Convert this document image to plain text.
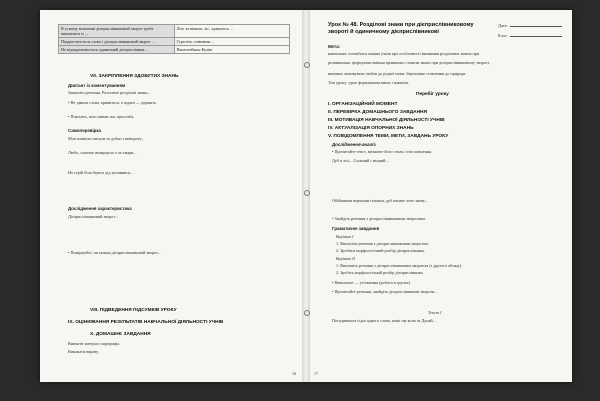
В усному мовленні дієприслівниковий зворот треба вимовляти із ...	Літо за вікном, ліс, здавалось ...
Підкреслюється слово і дієприслівниковий зворот ...	Гурготів, співаючи ...
Не відокремлюється одиничний дієприслівник ...	Пантелеймон Куліш
VII. ЗАКРІПЛЕННЯ ЗДОБУТИХ ЗНАНЬ
Диктант із коментуванням
Запишіть речення. Розставте розділові знаки...
• Не давши слова, кривиться, а ждати — держить.
• Поясніть, чого навчає вас прислів'я.
Самоперевірка
Мов пливучи пискли за дубки з вивороту...
Любо, сонечко визирнуло з-за хмари...
На стрій біля берега дід зупинився...
Дослідження характеристика
Дієприслівниковий зворот...
• Поміркуйте, чи можна дієприслівниковий зворот...
VIII. ПІДВЕДЕННЯ ПІДСУМКІВ УРОКУ
IX. ОЦІНЮВАННЯ РЕЗУЛЬТАТІВ НАВЧАЛЬНОЇ ДІЯЛЬНОСТІ УЧНІВ
X. ДОМАШНЄ ЗАВДАННЯ
Вивчити матеріал параграфа.
Виконати вправу.
16
Урок № 48. Розділові знаки при дієприслівниковому звороті й одиничному дієприслівникові
Дата:
Клас:
Мета:
навчальна: поглибити знання учнів про особливості вживання розділових знаків при
розвивальна: формувати вміння правильно ставити знаки при дієприслівниковому звороті,
виховна: виховувати любов до рідної мови, бережливе ставлення до природи.
Тип уроку: урок формування вмінь і навичок.
Перебіг уроку
I. ОРГАНІЗАЦІЙНИЙ МОМЕНТ
II. ПЕРЕВІРКА ДОМАШНЬОГО ЗАВДАННЯ
III. МОТИВАЦІЯ НАВЧАЛЬНОЇ ДІЯЛЬНОСТІ УЧНІВ
IV. АКТУАЛІЗАЦІЯ ОПОРНИХ ЗНАНЬ
V. ПОВІДОМЛЕННЯ ТЕМИ, МЕТИ, ЗАВДАНЬ УРОКУ
Дослідження-аналіз
• Прочитайте текст, визначте його стиль і тип мовлення.
Дуб в лісі... Сильний і міцний...
Обійнявши вершини гілками, дуб неначе хоче знову...
• Знайдіть речення з дієприслівниковими зворотами.
Граматичне завдання
Варіант І
1. Виписати речення з дієприслівниковим зворотом.
2. Зробити морфологічний розбір дієприслівника.
Варіант ІІ
1. Випишіть речення з дієприслівниковим зворотом (з другого абзацу).
2. Зробіть морфологічний розбір дієприслівника.
• Навчальне — уточнення (робота в групах)
• Прочитайте речення, знайдіть дієприслівникові звороти...
Текст 1
Погодившися гідні одного слова, наші ще коли за Дунай...
17
